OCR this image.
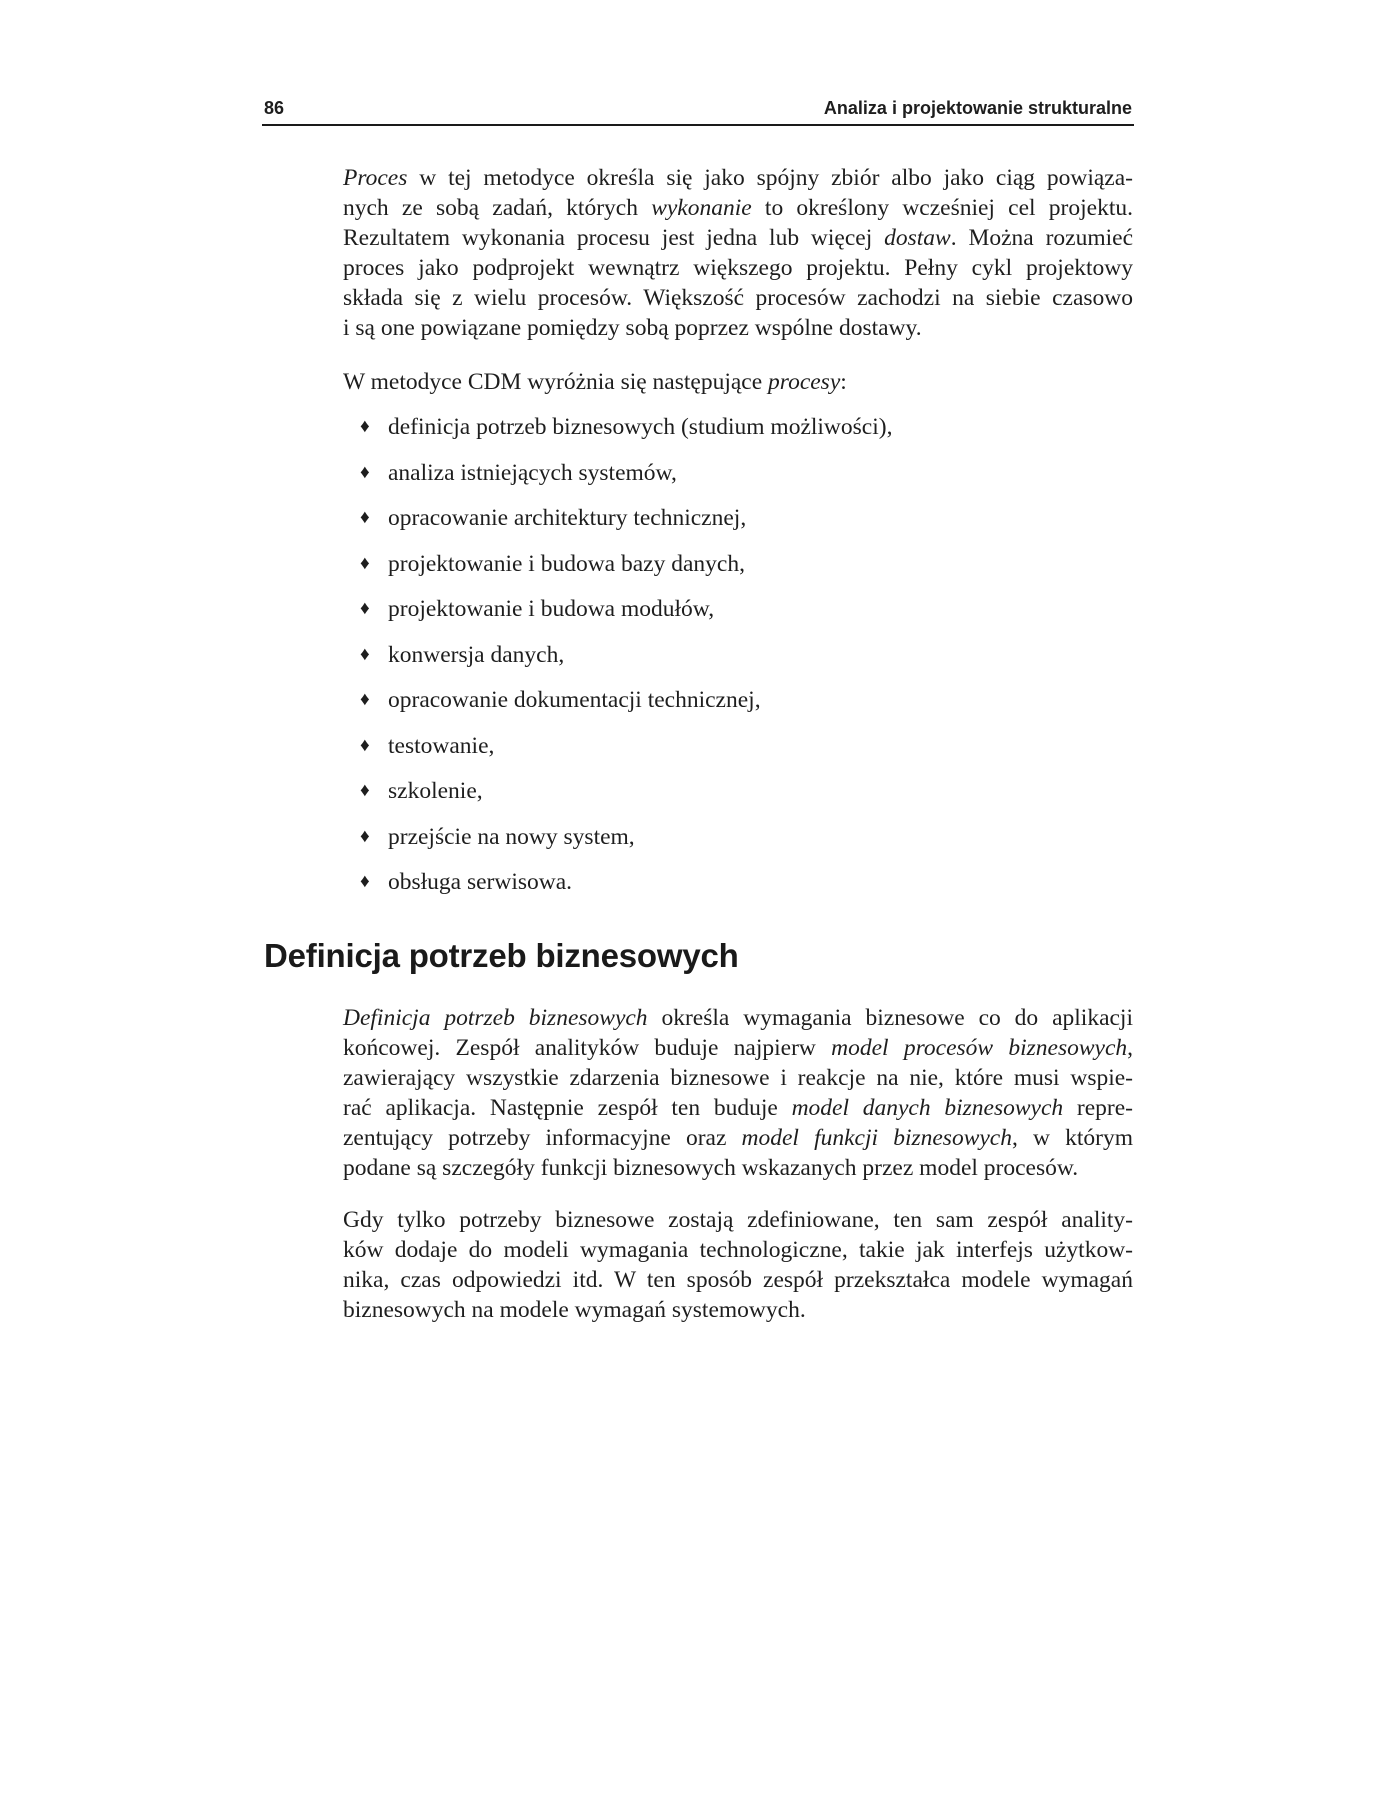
86	Analiza i projektowanie strukturalne

Proces w tej metodyce określa się jako spójny zbiór albo jako ciąg powiąza-
nych ze sobą zadań, których wykonanie to określony wcześniej cel projektu.
Rezultatem wykonania procesu jest jedna lub więcej dostaw. Można rozumieć
proces jako podprojekt wewnątrz większego projektu. Pełny cykl projektowy
składa się z wielu procesów. Większość procesów zachodzi na siebie czasowo
i są one powiązane pomiędzy sobą poprzez wspólne dostawy.

W metodyce CDM wyróżnia się następujące procesy:

♦ definicja potrzeb biznesowych (studium możliwości),
♦ analiza istniejących systemów,
♦ opracowanie architektury technicznej,
♦ projektowanie i budowa bazy danych,
♦ projektowanie i budowa modułów,
♦ konwersja danych,
♦ opracowanie dokumentacji technicznej,
♦ testowanie,
♦ szkolenie,
♦ przejście na nowy system,
♦ obsługa serwisowa.
Definicja potrzeb biznesowych

Definicja potrzeb biznesowych określa wymagania biznesowe co do aplikacji
końcowej. Zespół analityków buduje najpierw model procesów biznesowych,
zawierający wszystkie zdarzenia biznesowe i reakcje na nie, które musi wspie-
rać aplikacja. Następnie zespół ten buduje model danych biznesowych repre-
zentujący potrzeby informacyjne oraz model funkcji biznesowych, w którym
podane są szczegóły funkcji biznesowych wskazanych przez model procesów.

Gdy tylko potrzeby biznesowe zostają zdefiniowane, ten sam zespół anality-
ków dodaje do modeli wymagania technologiczne, takie jak interfejs użytkow-
nika, czas odpowiedzi itd. W ten sposób zespół przekształca modele wymagań
biznesowych na modele wymagań systemowych.
